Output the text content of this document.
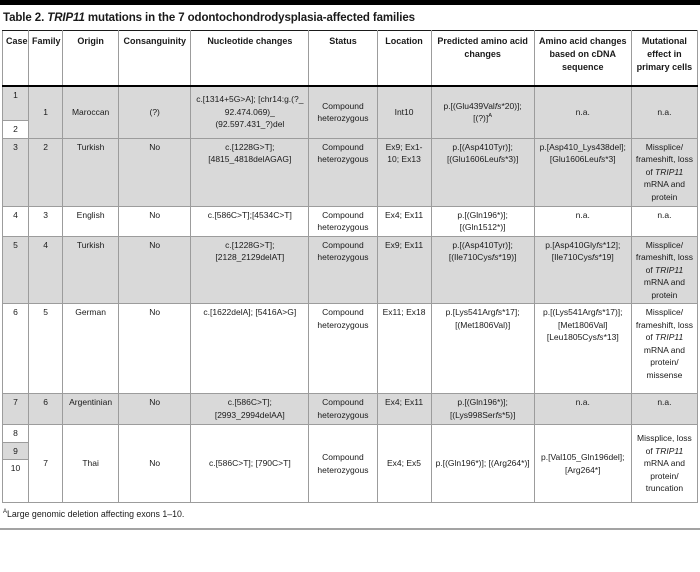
Table 2. TRIP11 mutations in the 7 odontochondrodysplasia-affected families
Case	Family	Origin	Consanguinity	Nucleotide changes	Status	Location	Predicted amino acid changes	Amino acid changes based on cDNA sequence	Mutational effect in primary cells
1	1	Maroccan	(?)	c.[1314+5G>A]; [chr14:g.(?_ 92.474.069)_(92.597.431_?)del	Compound heterozygous	Int10	p.[(Glu439Valfs*20)]; [(?)]$^A$	n.a.	n.a.
2									
3	2	Turkish	No	c.[1228G>T]; [4815_4818delAGAG]	Compound heterozygous	Ex9; Ex1-10; Ex13	p.[(Asp410Tyr)]; [(Glu1606Leufs*3)]	p.[Asp410_Lys438del]; [Glu1606Leufs*3]	Missplice/frameshift, loss of TRIP11 mRNA and protein
4	3	English	No	c.[586C>T];[4534C>T]	Compound heterozygous	Ex4; Ex11	p.[(Gln196*)]; [(Gln1512*)]	n.a.	n.a.
5	4	Turkish	No	c.[1228G>T]; [2128_2129delAT]	Compound heterozygous	Ex9; Ex11	p.[(Asp410Tyr)]; [(Ile710Cysfs*19)]	p.[Asp410Glyfs*12]; [Ile710Cysfs*19]	Missplice/frameshift, loss of TRIP11 mRNA and protein
6	5	German	No	c.[1622delA]; [5416A>G]	Compound heterozygous	Ex11; Ex18	p.[Lys541Argfs*17]; [(Met1806Val)]	p.[(Lys541Argfs*17)]; [Met1806Val] [Leu1805Cysfs*13]	Missplice/frameshift, loss of TRIP11 mRNA and protein/missense
7	6	Argentinian	No	c.[586C>T]; [2993_2994delAA]	Compound heterozygous	Ex4; Ex11	p.[(Gln196*)]; [(Lys998Serfs*5)]	n.a.	n.a.
8	7	Thai	No	c.[586C>T]; [790C>T]	Compound heterozygous	Ex4; Ex5	p.[(Gln196*)]; [(Arg264*)]	p.[Val105_Gln196del]; [Arg264*]	Missplice, loss of TRIP11 mRNA and protein/truncation
9									
10									
$^A$Large genomic deletion affecting exons 1–10.
